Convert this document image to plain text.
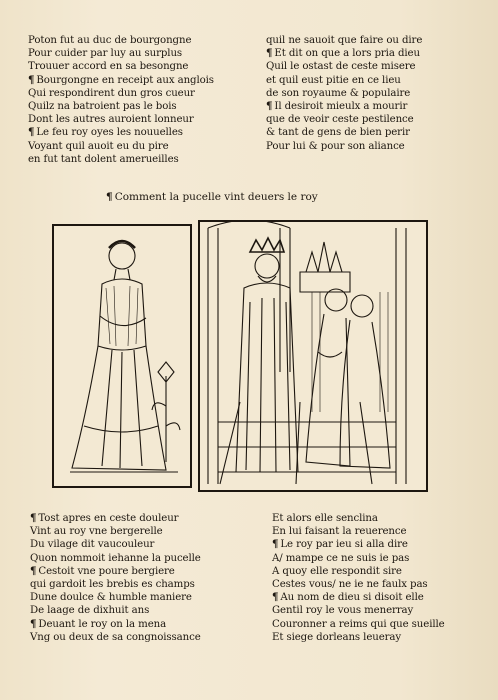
Poton fut au duc de bourgongne
Pour cuider par luy au surplus
Trouuer accord en sa besongne
¶ Bourgongne en receipt aux anglois
Qui respondirent dun gros cueur
Quilz na batroient pas le bois
Dont les autres auroient lonneur
¶ Le feu roy oyes les nouuelles
Voyant quil auoit eu du pire
en fut tant dolent amerueilles
quil ne sauoit que faire ou dire
¶ Et dit on que a lors pria dieu
Quil le ostast de ceste misere
et quil eust pitie en ce lieu
de son royaume & populaire
¶ Il desiroit mieulx a mourir
que de veoir ceste pestilence
& tant de gens de bien perir
Pour lui & pour son aliance
¶ Comment la pucelle vint deuers le roy
¶ Tost apres en ceste douleur
Vint au roy vne bergerelle
Du vilage dit vaucouleur
Quon nommoit iehanne la pucelle
¶ Cestoit vne poure bergiere
qui gardoit les brebis es champs
Dune doulce & humble maniere
De laage de dixhuit ans
¶ Deuant le roy on la mena
Vng ou deux de sa congnoissance
Et alors elle senclina
En lui faisant la reuerence
¶ Le roy par ieu si alla dire
A/ mampe ce ne suis ie pas
A quoy elle respondit sire
Cestes vous/ ne ie ne faulx pas
¶ Au nom de dieu si disoit elle
Gentil roy le vous menerray
Couronner a reims qui que sueille
Et siege dorleans leueray
